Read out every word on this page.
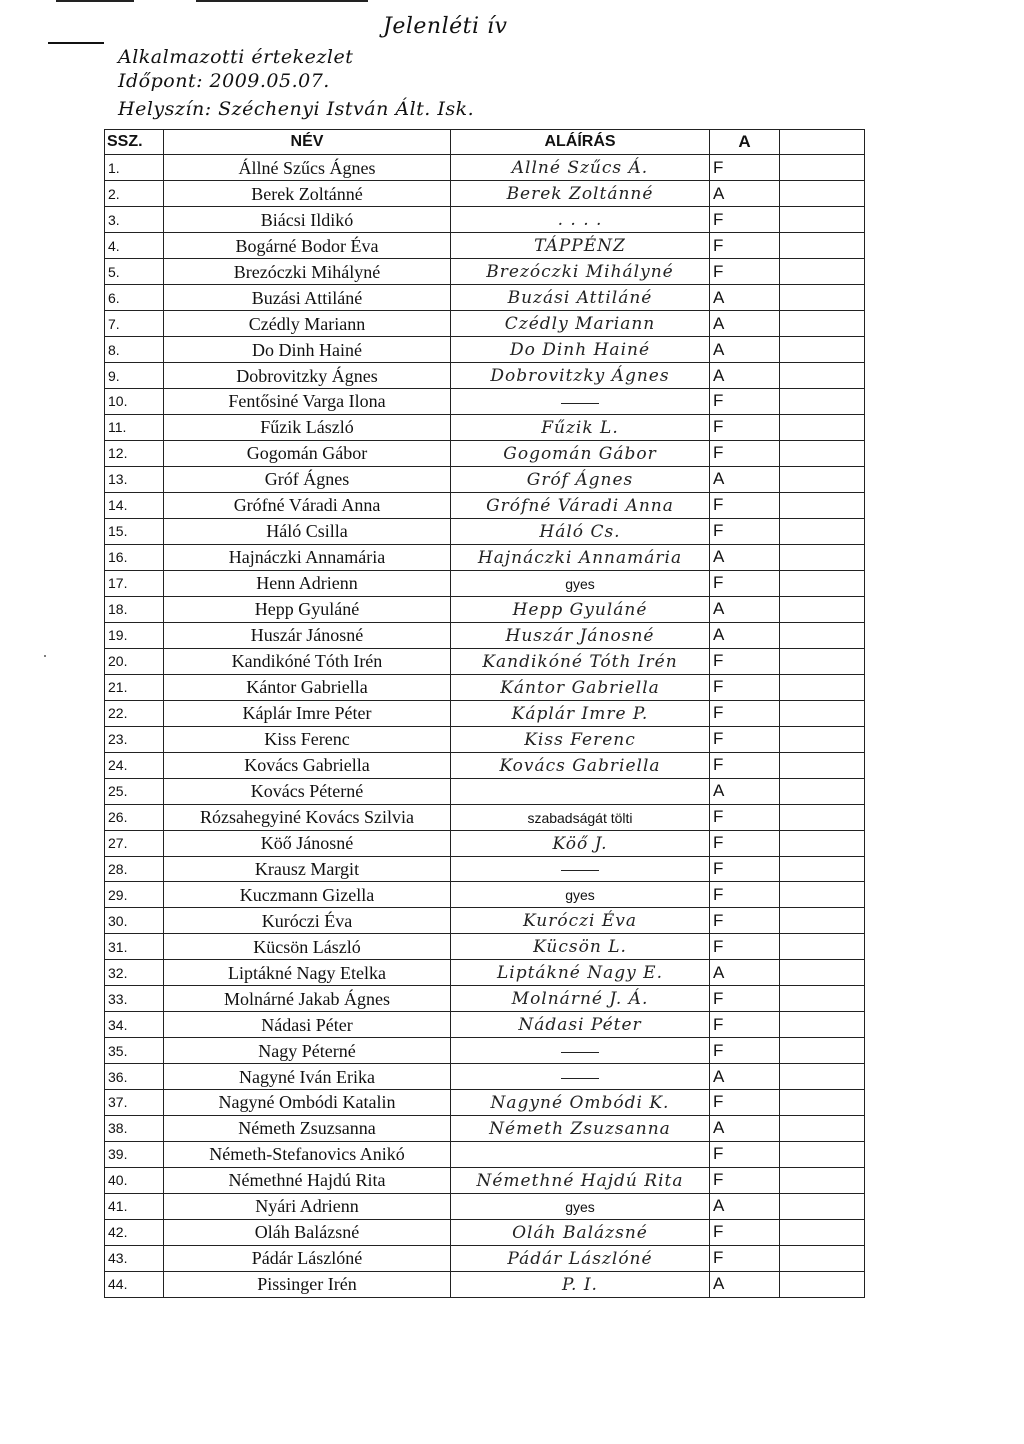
Jelenléti ív
Alkalmazotti értekezlet
Időpont: 2009.05.07.
Helyszín: Széchenyi István Ált. Isk.
SSZ.	NÉV	ALÁÍRÁS	A	
1.	Állné Szűcs Ágnes	Allné Szűcs Á.	F	
2.	Berek Zoltánné	Berek Zoltánné	A	
3.	Biácsi Ildikó	. . . .	F	
4.	Bogárné Bodor Éva	TÁPPÉNZ	F	
5.	Brezóczki Mihályné	Brezóczki Mihályné	F	
6.	Buzási Attiláné	Buzási Attiláné	A	
7.	Czédly Mariann	Czédly Mariann	A	
8.	Do Dinh Hainé	Do Dinh Hainé	A	
9.	Dobrovitzky Ágnes	Dobrovitzky Ágnes	A	
10.	Fentősiné Varga Ilona		F	
11.	Fűzik László	Fűzik L.	F	
12.	Gogomán Gábor	Gogomán Gábor	F	
13.	Gróf Ágnes	Gróf Ágnes	A	
14.	Grófné Váradi Anna	Grófné Váradi Anna	F	
15.	Háló Csilla	Háló Cs.	F	
16.	Hajnáczki Annamária	Hajnáczki Annamária	A	
17.	Henn Adrienn	gyes	F	
18.	Hepp Gyuláné	Hepp Gyuláné	A	
19.	Huszár Jánosné	Huszár Jánosné	A	
20.	Kandikóné Tóth Irén	Kandikóné Tóth Irén	F	
21.	Kántor Gabriella	Kántor Gabriella	F	
22.	Káplár Imre Péter	Káplár Imre P.	F	
23.	Kiss Ferenc	Kiss Ferenc	F	
24.	Kovács Gabriella	Kovács Gabriella	F	
25.	Kovács Péterné		A	
26.	Rózsahegyiné Kovács Szilvia	szabadságát tölti	F	
27.	Köő Jánosné	Köő J.	F	
28.	Krausz Margit		F	
29.	Kuczmann Gizella	gyes	F	
30.	Kuróczi Éva	Kuróczi Éva	F	
31.	Kücsön László	Kücsön L.	F	
32.	Liptákné Nagy Etelka	Liptákné Nagy E.	A	
33.	Molnárné Jakab Ágnes	Molnárné J. Á.	F	
34.	Nádasi Péter	Nádasi Péter	F	
35.	Nagy Péterné		F	
36.	Nagyné Iván Erika		A	
37.	Nagyné Ombódi Katalin	Nagyné Ombódi K.	F	
38.	Németh Zsuzsanna	Németh Zsuzsanna	A	
39.	Németh-Stefanovics Anikó		F	
40.	Némethné Hajdú Rita	Némethné Hajdú Rita	F	
41.	Nyári Adrienn	gyes	A	
42.	Oláh Balázsné	Oláh Balázsné	F	
43.	Pádár Lászlóné	Pádár Lászlóné	F	
44.	Pissinger Irén	P. I.	A	
